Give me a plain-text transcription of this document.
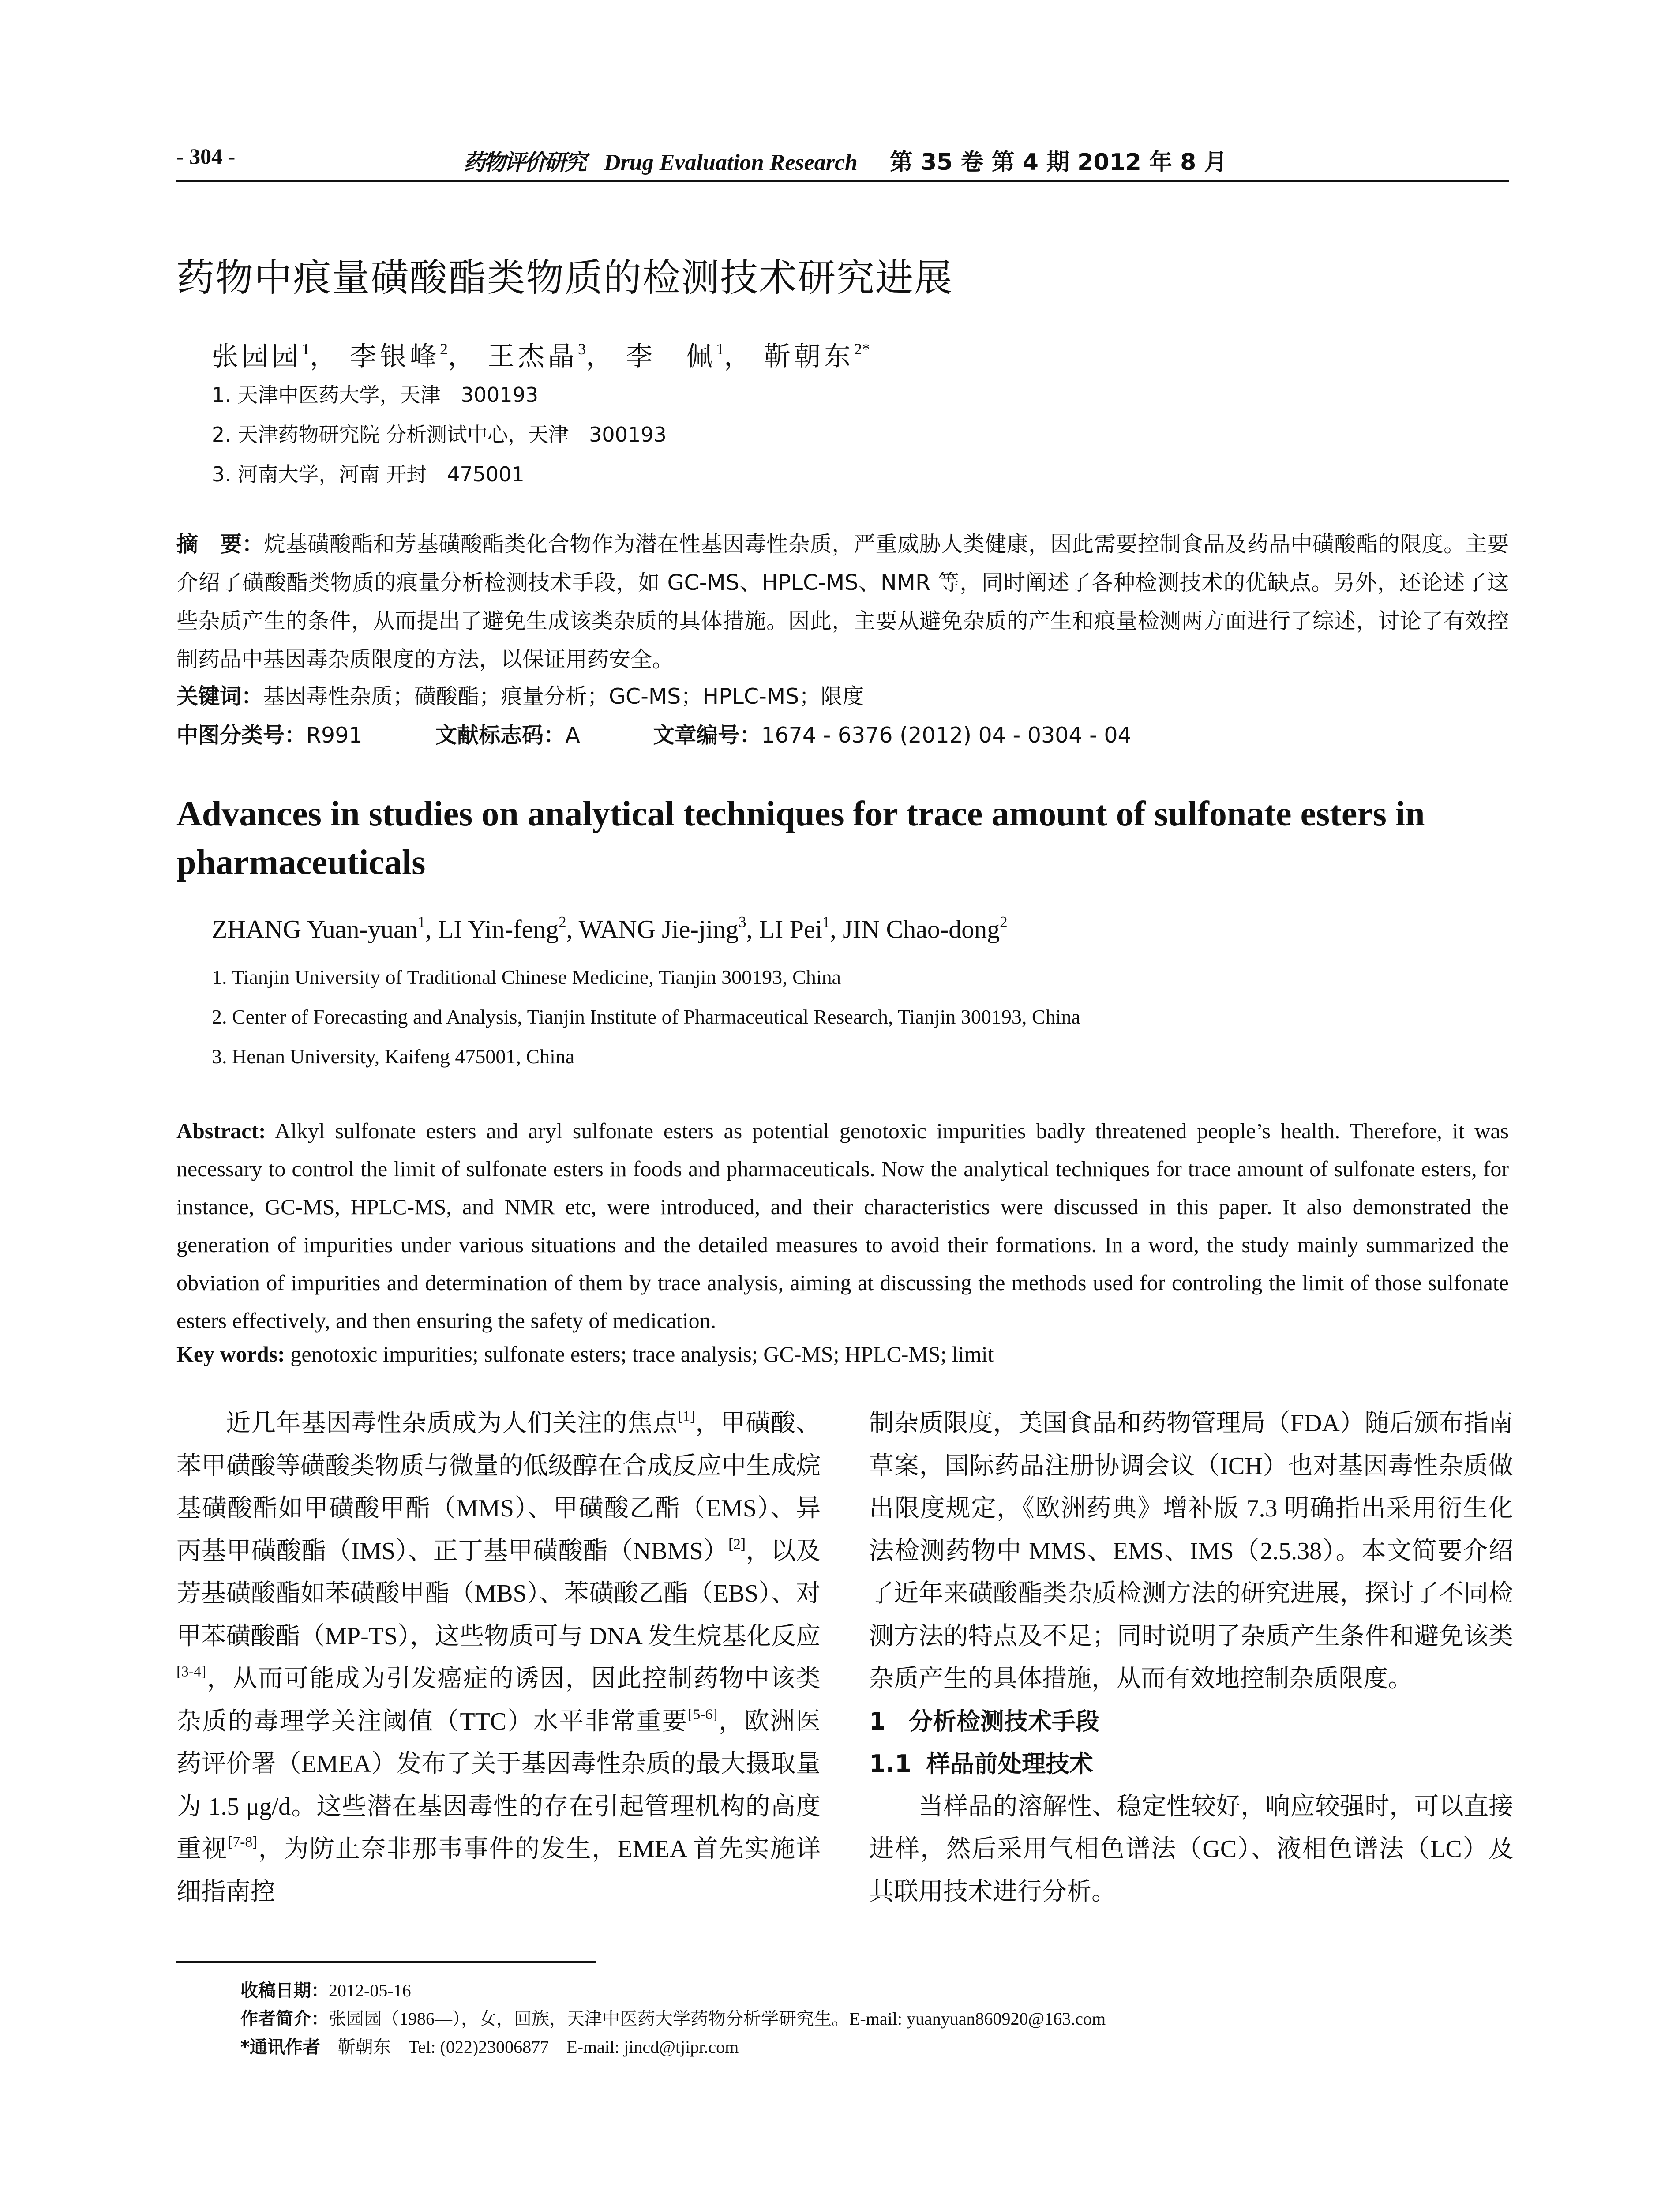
- 304 -	药物评价研究 Drug Evaluation Research 第 35 卷 第 4 期 2012 年 8 月
药物中痕量磺酸酯类物质的检测技术研究进展
张园园$^1$， 李银峰$^2$， 王杰晶$^3$， 李　佩$^1$， 靳朝东$^{2*}$
1. 天津中医药大学，天津　300193
2. 天津药物研究院 分析测试中心，天津　300193
3. 河南大学，河南 开封　475001
摘　要：烷基磺酸酯和芳基磺酸酯类化合物作为潜在性基因毒性杂质，严重威胁人类健康，因此需要控制食品及药品中磺酸酯的限度。主要介绍了磺酸酯类物质的痕量分析检测技术手段，如 GC-MS、HPLC-MS、NMR 等，同时阐述了各种检测技术的优缺点。另外，还论述了这些杂质产生的条件，从而提出了避免生成该类杂质的具体措施。因此，主要从避免杂质的产生和痕量检测两方面进行了综述，讨论了有效控制药品中基因毒杂质限度的方法，以保证用药安全。
关键词：基因毒性杂质；磺酸酯；痕量分析；GC-MS；HPLC-MS；限度
中图分类号：R991	文献标志码：A	文章编号：1674 - 6376 (2012) 04 - 0304 - 04
Advances in studies on analytical techniques for trace amount of sulfonate esters in pharmaceuticals
ZHANG Yuan-yuan$^1$, LI Yin-feng$^2$, WANG Jie-jing$^3$, LI Pei$^1$, JIN Chao-dong$^2$
1. Tianjin University of Traditional Chinese Medicine, Tianjin 300193, China
2. Center of Forecasting and Analysis, Tianjin Institute of Pharmaceutical Research, Tianjin 300193, China
3. Henan University, Kaifeng 475001, China
Abstract: Alkyl sulfonate esters and aryl sulfonate esters as potential genotoxic impurities badly threatened people’s health. Therefore, it was necessary to control the limit of sulfonate esters in foods and pharmaceuticals. Now the analytical techniques for trace amount of sulfonate esters, for instance, GC-MS, HPLC-MS, and NMR etc, were introduced, and their characteristics were discussed in this paper. It also demonstrated the generation of impurities under various situations and the detailed measures to avoid their formations. In a word, the study mainly summarized the obviation of impurities and determination of them by trace analysis, aiming at discussing the methods used for controling the limit of those sulfonate esters effectively, and then ensuring the safety of medication.
Key words: genotoxic impurities; sulfonate esters; trace analysis; GC-MS; HPLC-MS; limit

近几年基因毒性杂质成为人们关注的焦点[1]，甲磺酸、苯甲磺酸等磺酸类物质与微量的低级醇在合成反应中生成烷基磺酸酯如甲磺酸甲酯（MMS）、甲磺酸乙酯（EMS）、异丙基甲磺酸酯（IMS）、正丁基甲磺酸酯（NBMS）[2]，以及芳基磺酸酯如苯磺酸甲酯（MBS）、苯磺酸乙酯（EBS）、对甲苯磺酸酯（MP-TS），这些物质可与 DNA 发生烷基化反应[3-4]，从而可能成为引发癌症的诱因，因此控制药物中该类杂质的毒理学关注阈值（TTC）水平非常重要[5-6]，欧洲医药评价署（EMEA）发布了关于基因毒性杂质的最大摄取量为 1.5 μg/d。这些潜在基因毒性的存在引起管理机构的高度重视[7-8]，为防止奈非那韦事件的发生，EMEA 首先实施详细指南控

制杂质限度，美国食品和药物管理局（FDA）随后颁布指南草案，国际药品注册协调会议（ICH）也对基因毒性杂质做出限度规定，《欧洲药典》增补版 7.3 明确指出采用衍生化法检测药物中 MMS、EMS、IMS（2.5.38）。本文简要介绍了近年来磺酸酯类杂质检测方法的研究进展，探讨了不同检测方法的特点及不足；同时说明了杂质产生条件和避免该类杂质产生的具体措施，从而有效地控制杂质限度。

1 分析检测技术手段
1.1 样品前处理技术

当样品的溶解性、稳定性较好，响应较强时，可以直接进样，然后采用气相色谱法（GC）、液相色谱法（LC）及其联用技术进行分析。

收稿日期：2012-05-16
作者简介：张园园（1986—），女，回族，天津中医药大学药物分析学研究生。E-mail: yuanyuan860920@163.com
*通讯作者　 靳朝东　Tel: (022)23006877　E-mail: jincd@tjipr.com
